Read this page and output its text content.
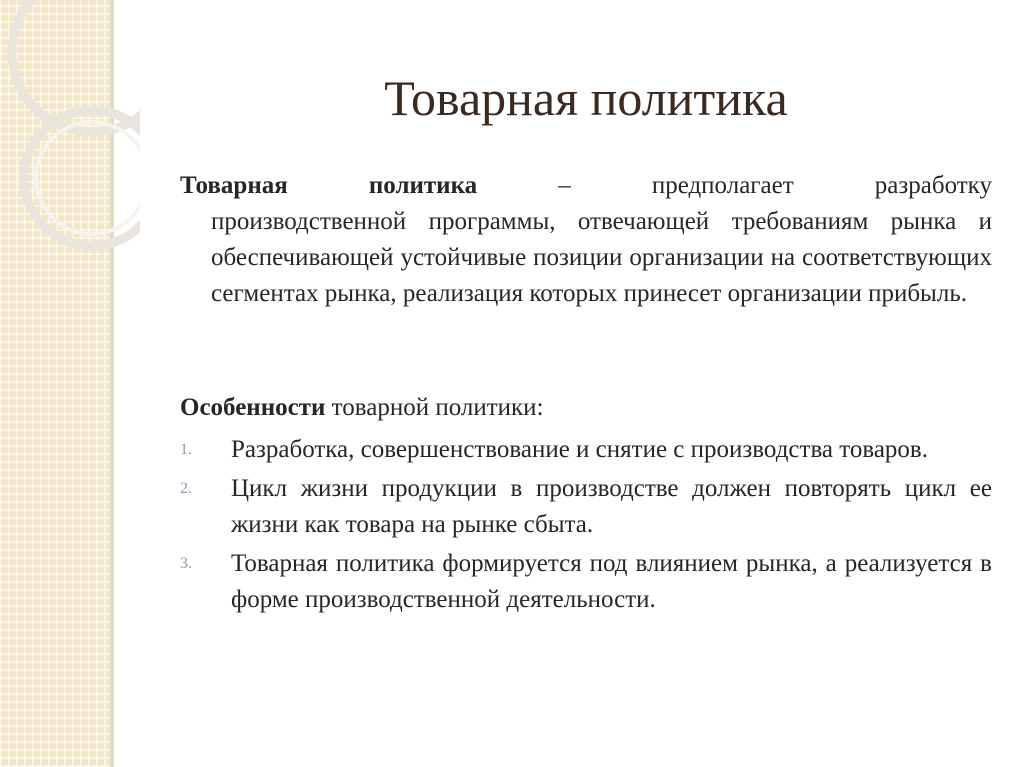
Товарная политика

Товарная	политика	–	предполагает	разработку
производственной программы, отвечающей требованиям рынка и обеспечивающей устойчивые позиции организации на соответствующих сегментах рынка, реализация которых принесет организации прибыль.

Особенности товарной политики:

1. Разработка, совершенствование и снятие с производства товаров.
2. Цикл жизни продукции в производстве должен повторять цикл ее жизни как товара на рынке сбыта.
3. Товарная политика формируется под влиянием рынка, а реализуется в форме производственной деятельности.
